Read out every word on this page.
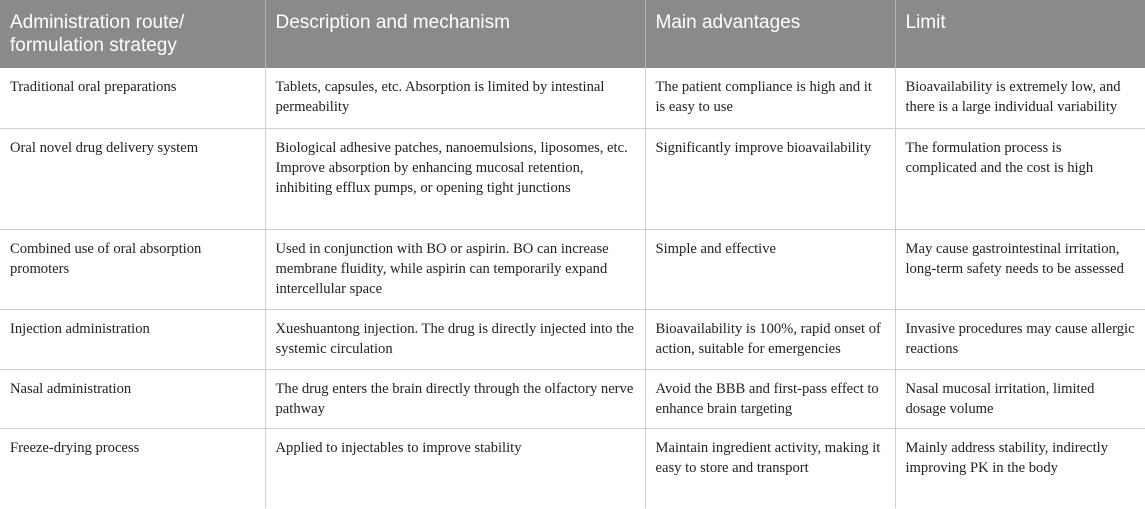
Administration route/ formulation strategy	Description and mechanism	Main advantages	Limit
Traditional oral preparations	Tablets, capsules, etc. Absorption is limited by intestinal permeability	The patient compliance is high and it is easy to use	Bioavailability is extremely low, and there is a large individual variability
Oral novel drug delivery system	Biological adhesive patches, nanoemulsions, liposomes, etc. Improve absorption by enhancing mucosal retention, inhibiting efflux pumps, or opening tight junctions	Significantly improve bioavailability	The formulation process is complicated and the cost is high
Combined use of oral absorption promoters	Used in conjunction with BO or aspirin. BO can increase membrane fluidity, while aspirin can temporarily expand intercellular space	Simple and effective	May cause gastrointestinal irritation, long-term safety needs to be assessed
Injection administration	Xueshuantong injection. The drug is directly injected into the systemic circulation	Bioavailability is 100%, rapid onset of action, suitable for emergencies	Invasive procedures may cause allergic reactions
Nasal administration	The drug enters the brain directly through the olfactory nerve pathway	Avoid the BBB and first-pass effect to enhance brain targeting	Nasal mucosal irritation, limited dosage volume
Freeze-drying process	Applied to injectables to improve stability	Maintain ingredient activity, making it easy to store and transport	Mainly address stability, indirectly improving PK in the body
